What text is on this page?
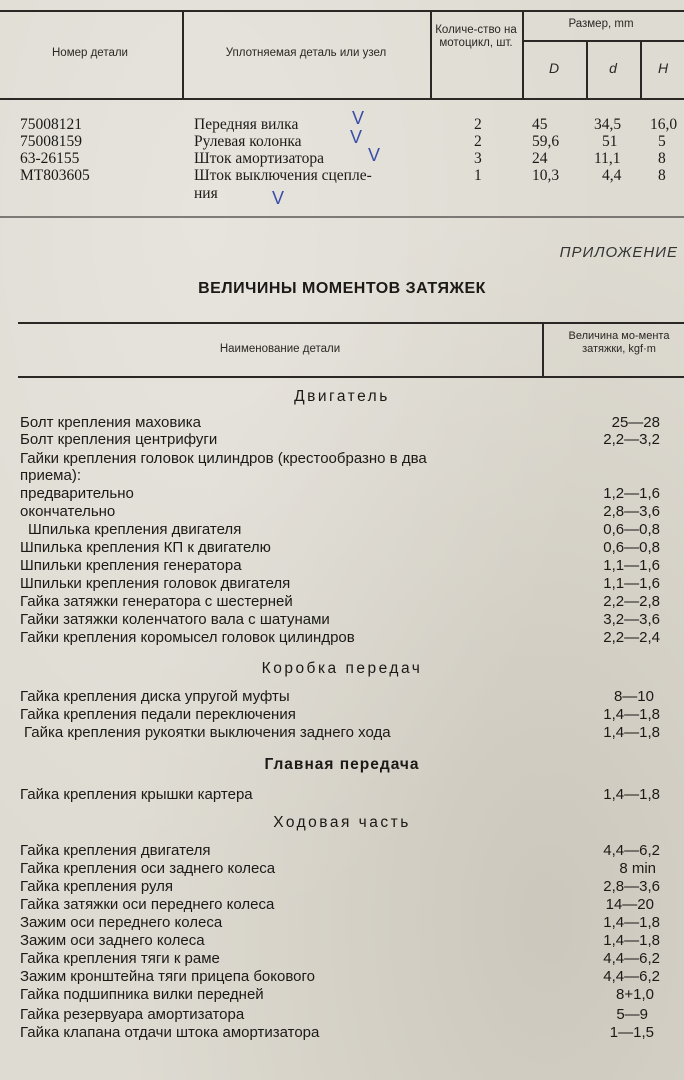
Номер детали	Уплотняемая деталь или узел
Количе-ство на мотоцикл, шт.
Размер, mm
D	d	H
75008121	Передняя вилка	2	45	34,5 16,0
75008159	Рулевая колонка	2	59,6	51	5
63-26155	Шток амортизатора	3	24	11,1 8
МТ803605	Шток выключения сцепле-	1	10,3	4,4 8
ния
V
V
V
V
ПРИЛОЖЕНИЕ
ВЕЛИЧИНЫ МОМЕНТОВ ЗАТЯЖЕК
Наименование детали
Величина мо-мента затяжки, kgf·m
Двигатель
Болт крепления маховика	25—28
Болт крепления центрифуги	2,2—3,2
Гайки крепления головок цилиндров (крестообразно в два
приема):
предварительно	1,2—1,6
окончательно	2,8—3,6
Шпилька крепления двигателя	0,6—0,8
Шпилька крепления КП к двигателю	0,6—0,8
Шпильки крепления генератора	1,1—1,6
Шпильки крепления головок двигателя	1,1—1,6
Гайка затяжки генератора с шестерней	2,2—2,8
Гайки затяжки коленчатого вала с шатунами	3,2—3,6
Гайки крепления коромысел головок цилиндров	2,2—2,4
Коробка передач
Гайка крепления диска упругой муфты	8—10
Гайка крепления педали переключения	1,4—1,8
Гайка крепления рукоятки выключения заднего хода	1,4—1,8
Главная передача
Гайка крепления крышки картера	1,4—1,8
Ходовая часть
Гайка крепления двигателя	4,4—6,2
Гайка крепления оси заднего колеса	8 min
Гайка крепления руля	2,8—3,6
Гайка затяжки оси переднего колеса	14—20
Зажим оси переднего колеса	1,4—1,8
Зажим оси заднего колеса	1,4—1,8
Гайка крепления тяги к раме	4,4—6,2
Зажим кронштейна тяги прицепа бокового	4,4—6,2
Гайка подшипника вилки передней	8+1,0
Гайка резервуара амортизатора	5—9
Гайка клапана отдачи штока амортизатора	1—1,5
